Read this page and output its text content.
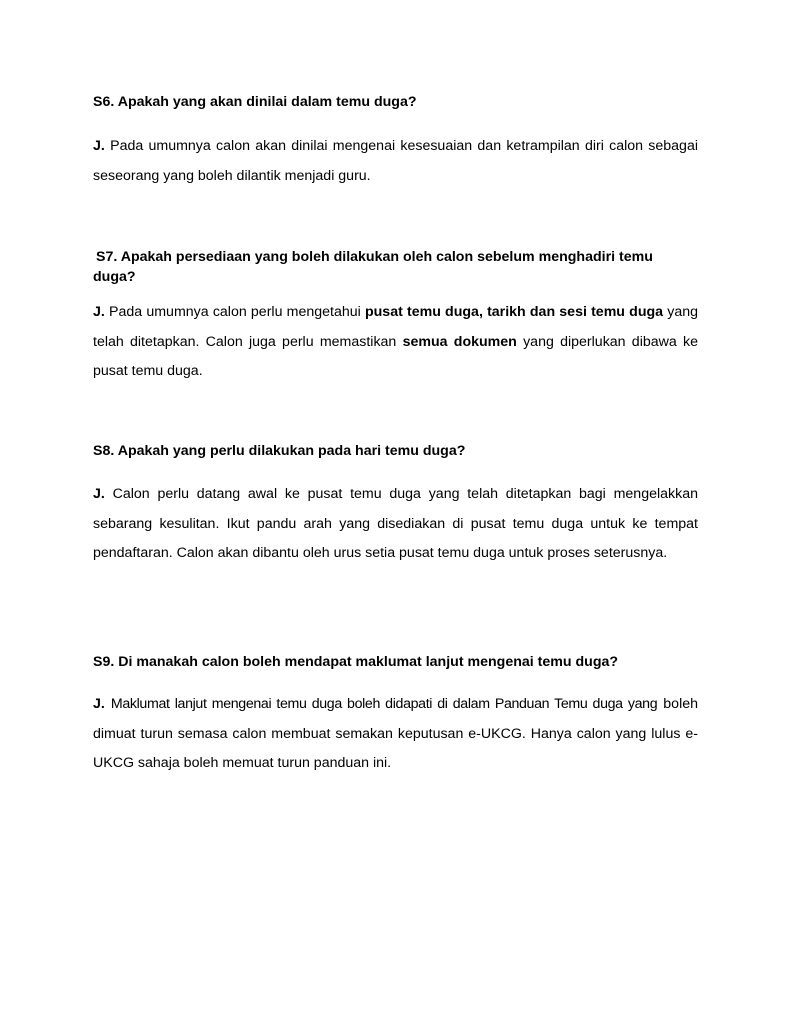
S6. Apakah yang akan dinilai dalam temu duga?

J. Pada umumnya calon akan dinilai mengenai kesesuaian dan ketrampilan diri calon sebagai seseorang yang boleh dilantik menjadi guru.

S7. Apakah persediaan yang boleh dilakukan oleh calon sebelum menghadiri temu duga?

J. Pada umumnya calon perlu mengetahui pusat temu duga, tarikh dan sesi temu duga yang telah ditetapkan. Calon juga perlu memastikan semua dokumen yang diperlukan dibawa ke pusat temu duga.

S8. Apakah yang perlu dilakukan pada hari temu duga?

J. Calon perlu datang awal ke pusat temu duga yang telah ditetapkan bagi mengelakkan sebarang kesulitan. Ikut pandu arah yang disediakan di pusat temu duga untuk ke tempat pendaftaran. Calon akan dibantu oleh urus setia pusat temu duga untuk proses seterusnya.

S9. Di manakah calon boleh mendapat maklumat lanjut mengenai temu duga?

J. Maklumat lanjut mengenai temu duga boleh didapati di dalam Panduan Temu duga yang boleh dimuat turun semasa calon membuat semakan keputusan e-UKCG. Hanya calon yang lulus e-UKCG sahaja boleh memuat turun panduan ini.
